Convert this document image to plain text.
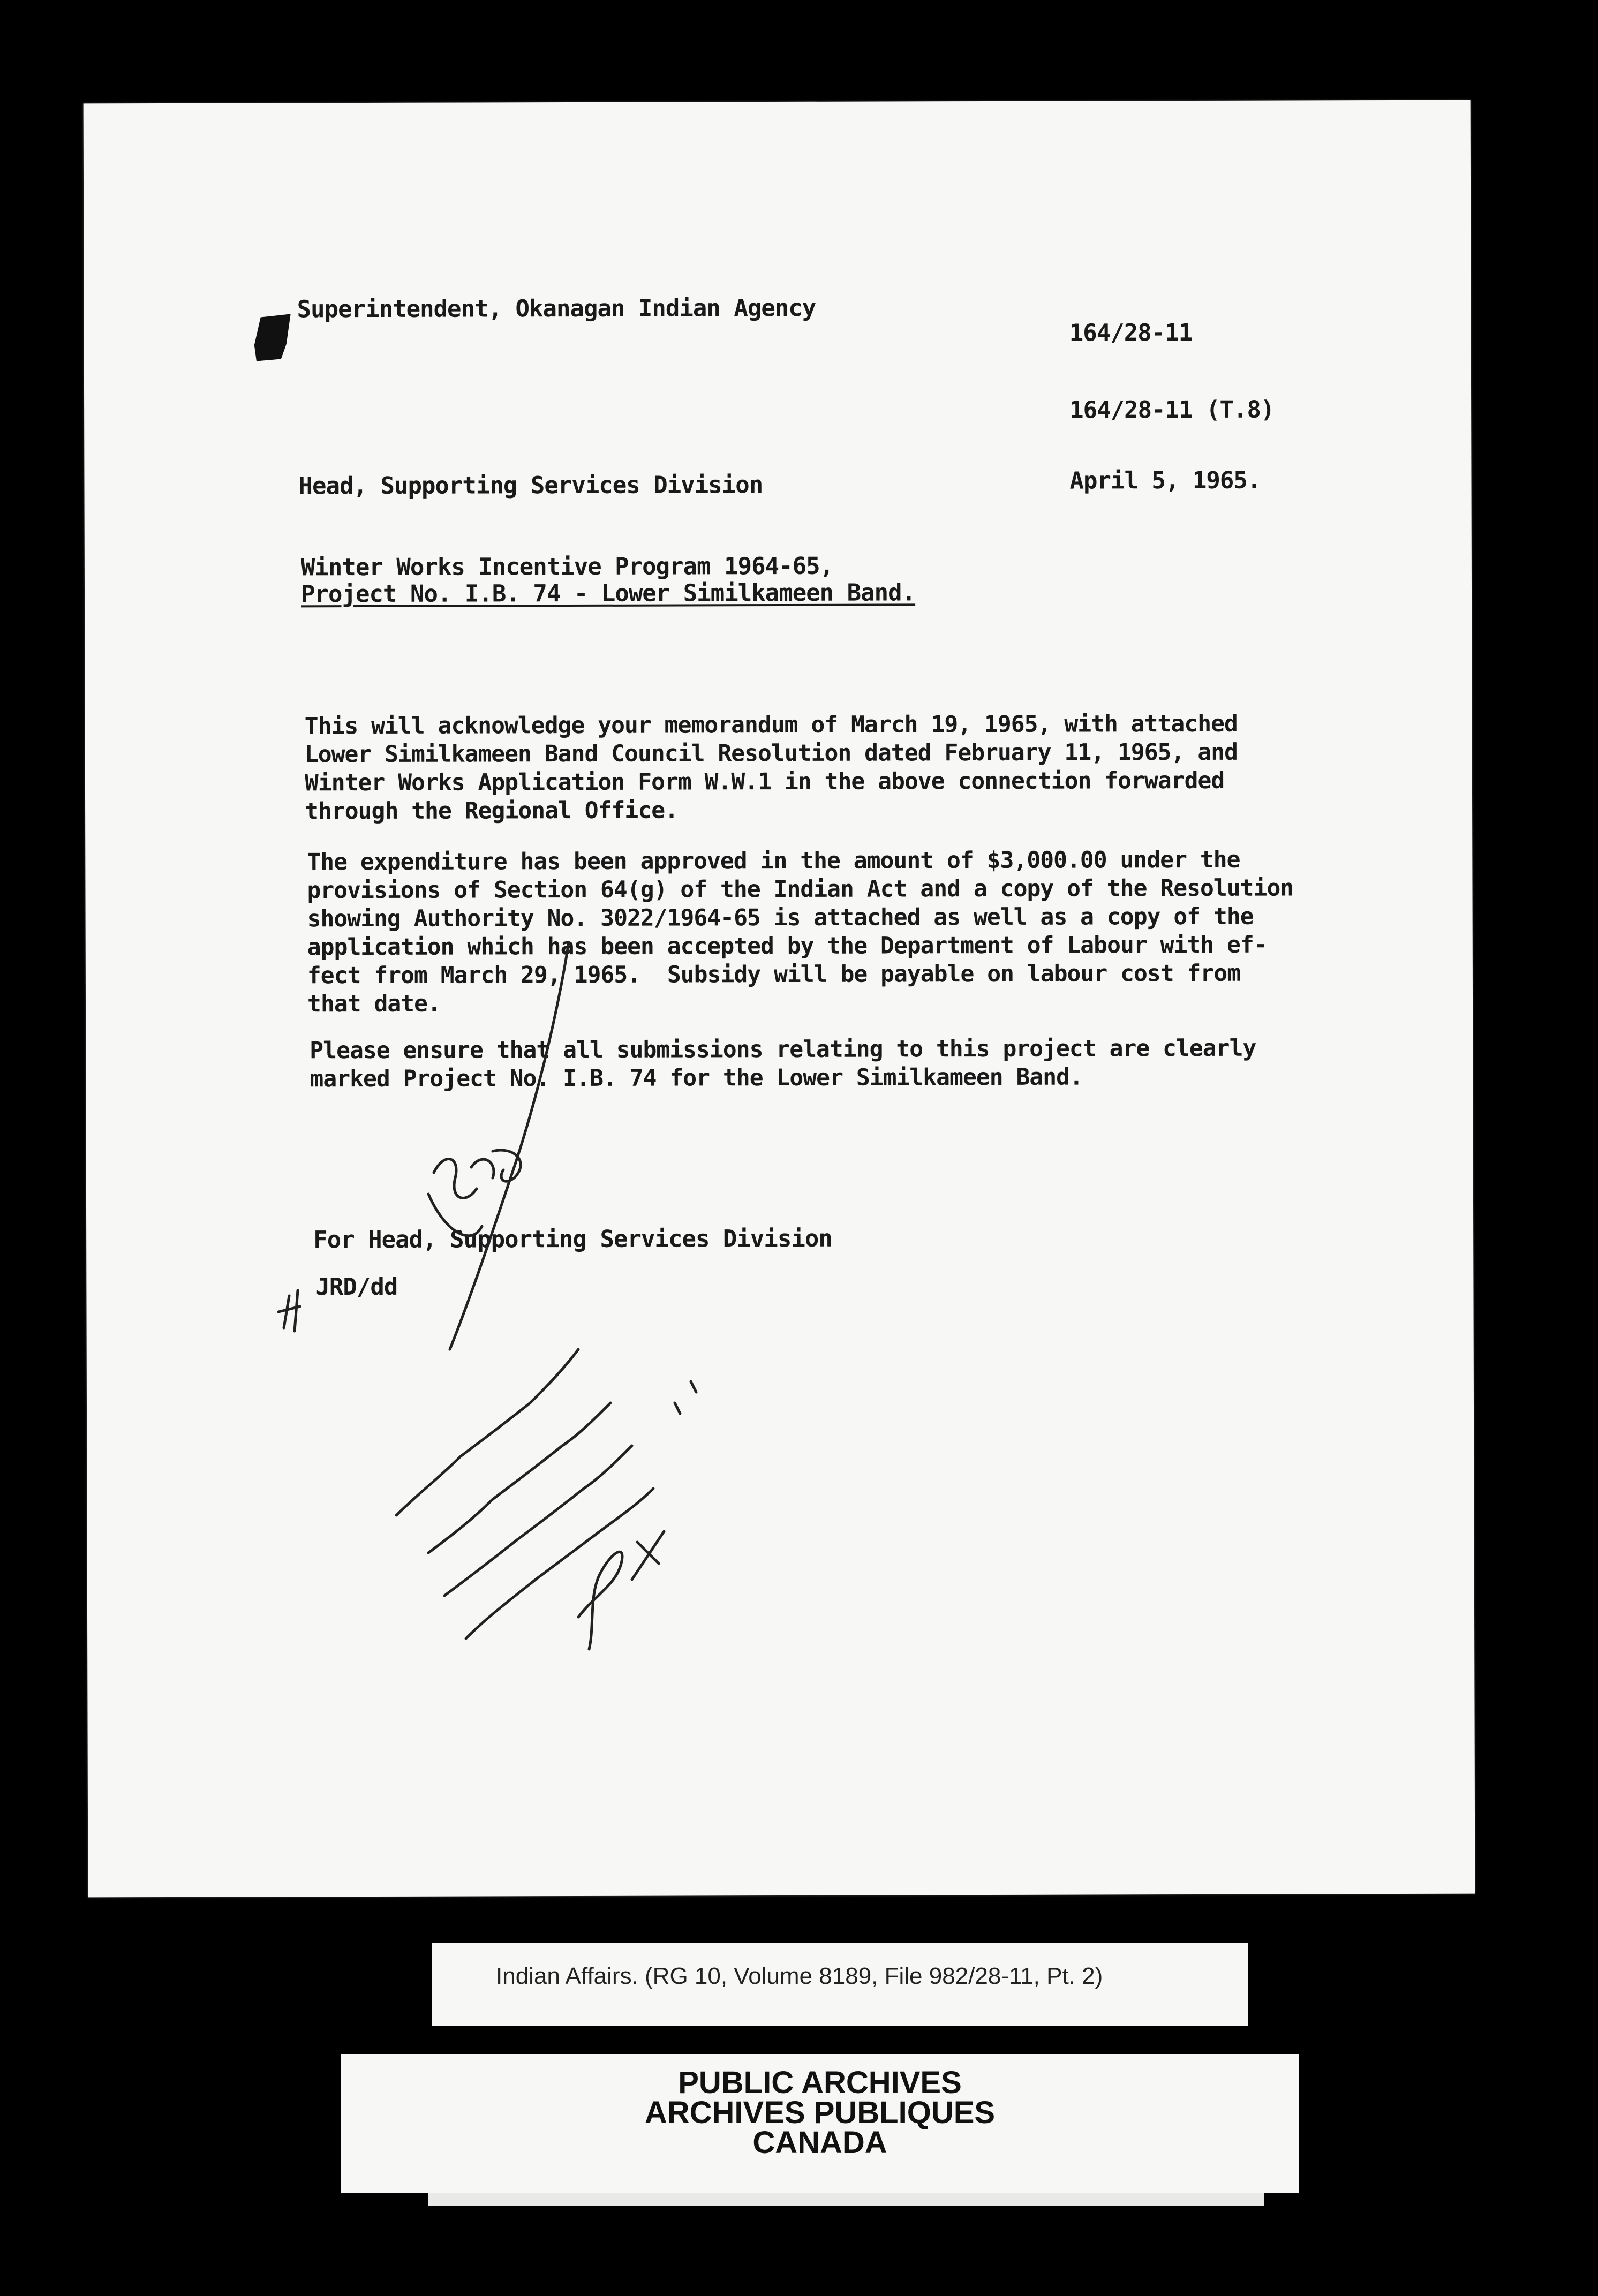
Superintendent, Okanagan Indian Agency
164/28-11
164/28-11 (T.8)
Head, Supporting Services Division	April 5, 1965.
Winter Works Incentive Program 1964-65,
Project No. I.B. 74 - Lower Similkameen Band.
This will acknowledge your memorandum of March 19, 1965, with attached
Lower Similkameen Band Council Resolution dated February 11, 1965, and
Winter Works Application Form W.W.1 in the above connection forwarded
through the Regional Office.
The expenditure has been approved in the amount of $3,000.00 under the
provisions of Section 64(g) of the Indian Act and a copy of the Resolution
showing Authority No. 3022/1964-65 is attached as well as a copy of the
application which has been accepted by the Department of Labour with ef-
fect from March 29, 1965.  Subsidy will be payable on labour cost from
that date.
Please ensure that all submissions relating to this project are clearly
marked Project No. I.B. 74 for the Lower Similkameen Band.
For Head, Supporting Services Division
JRD/dd
Indian Affairs. (RG 10, Volume 8189, File 982/28-11, Pt. 2)
PUBLIC ARCHIVES
ARCHIVES PUBLIQUES
CANADA
